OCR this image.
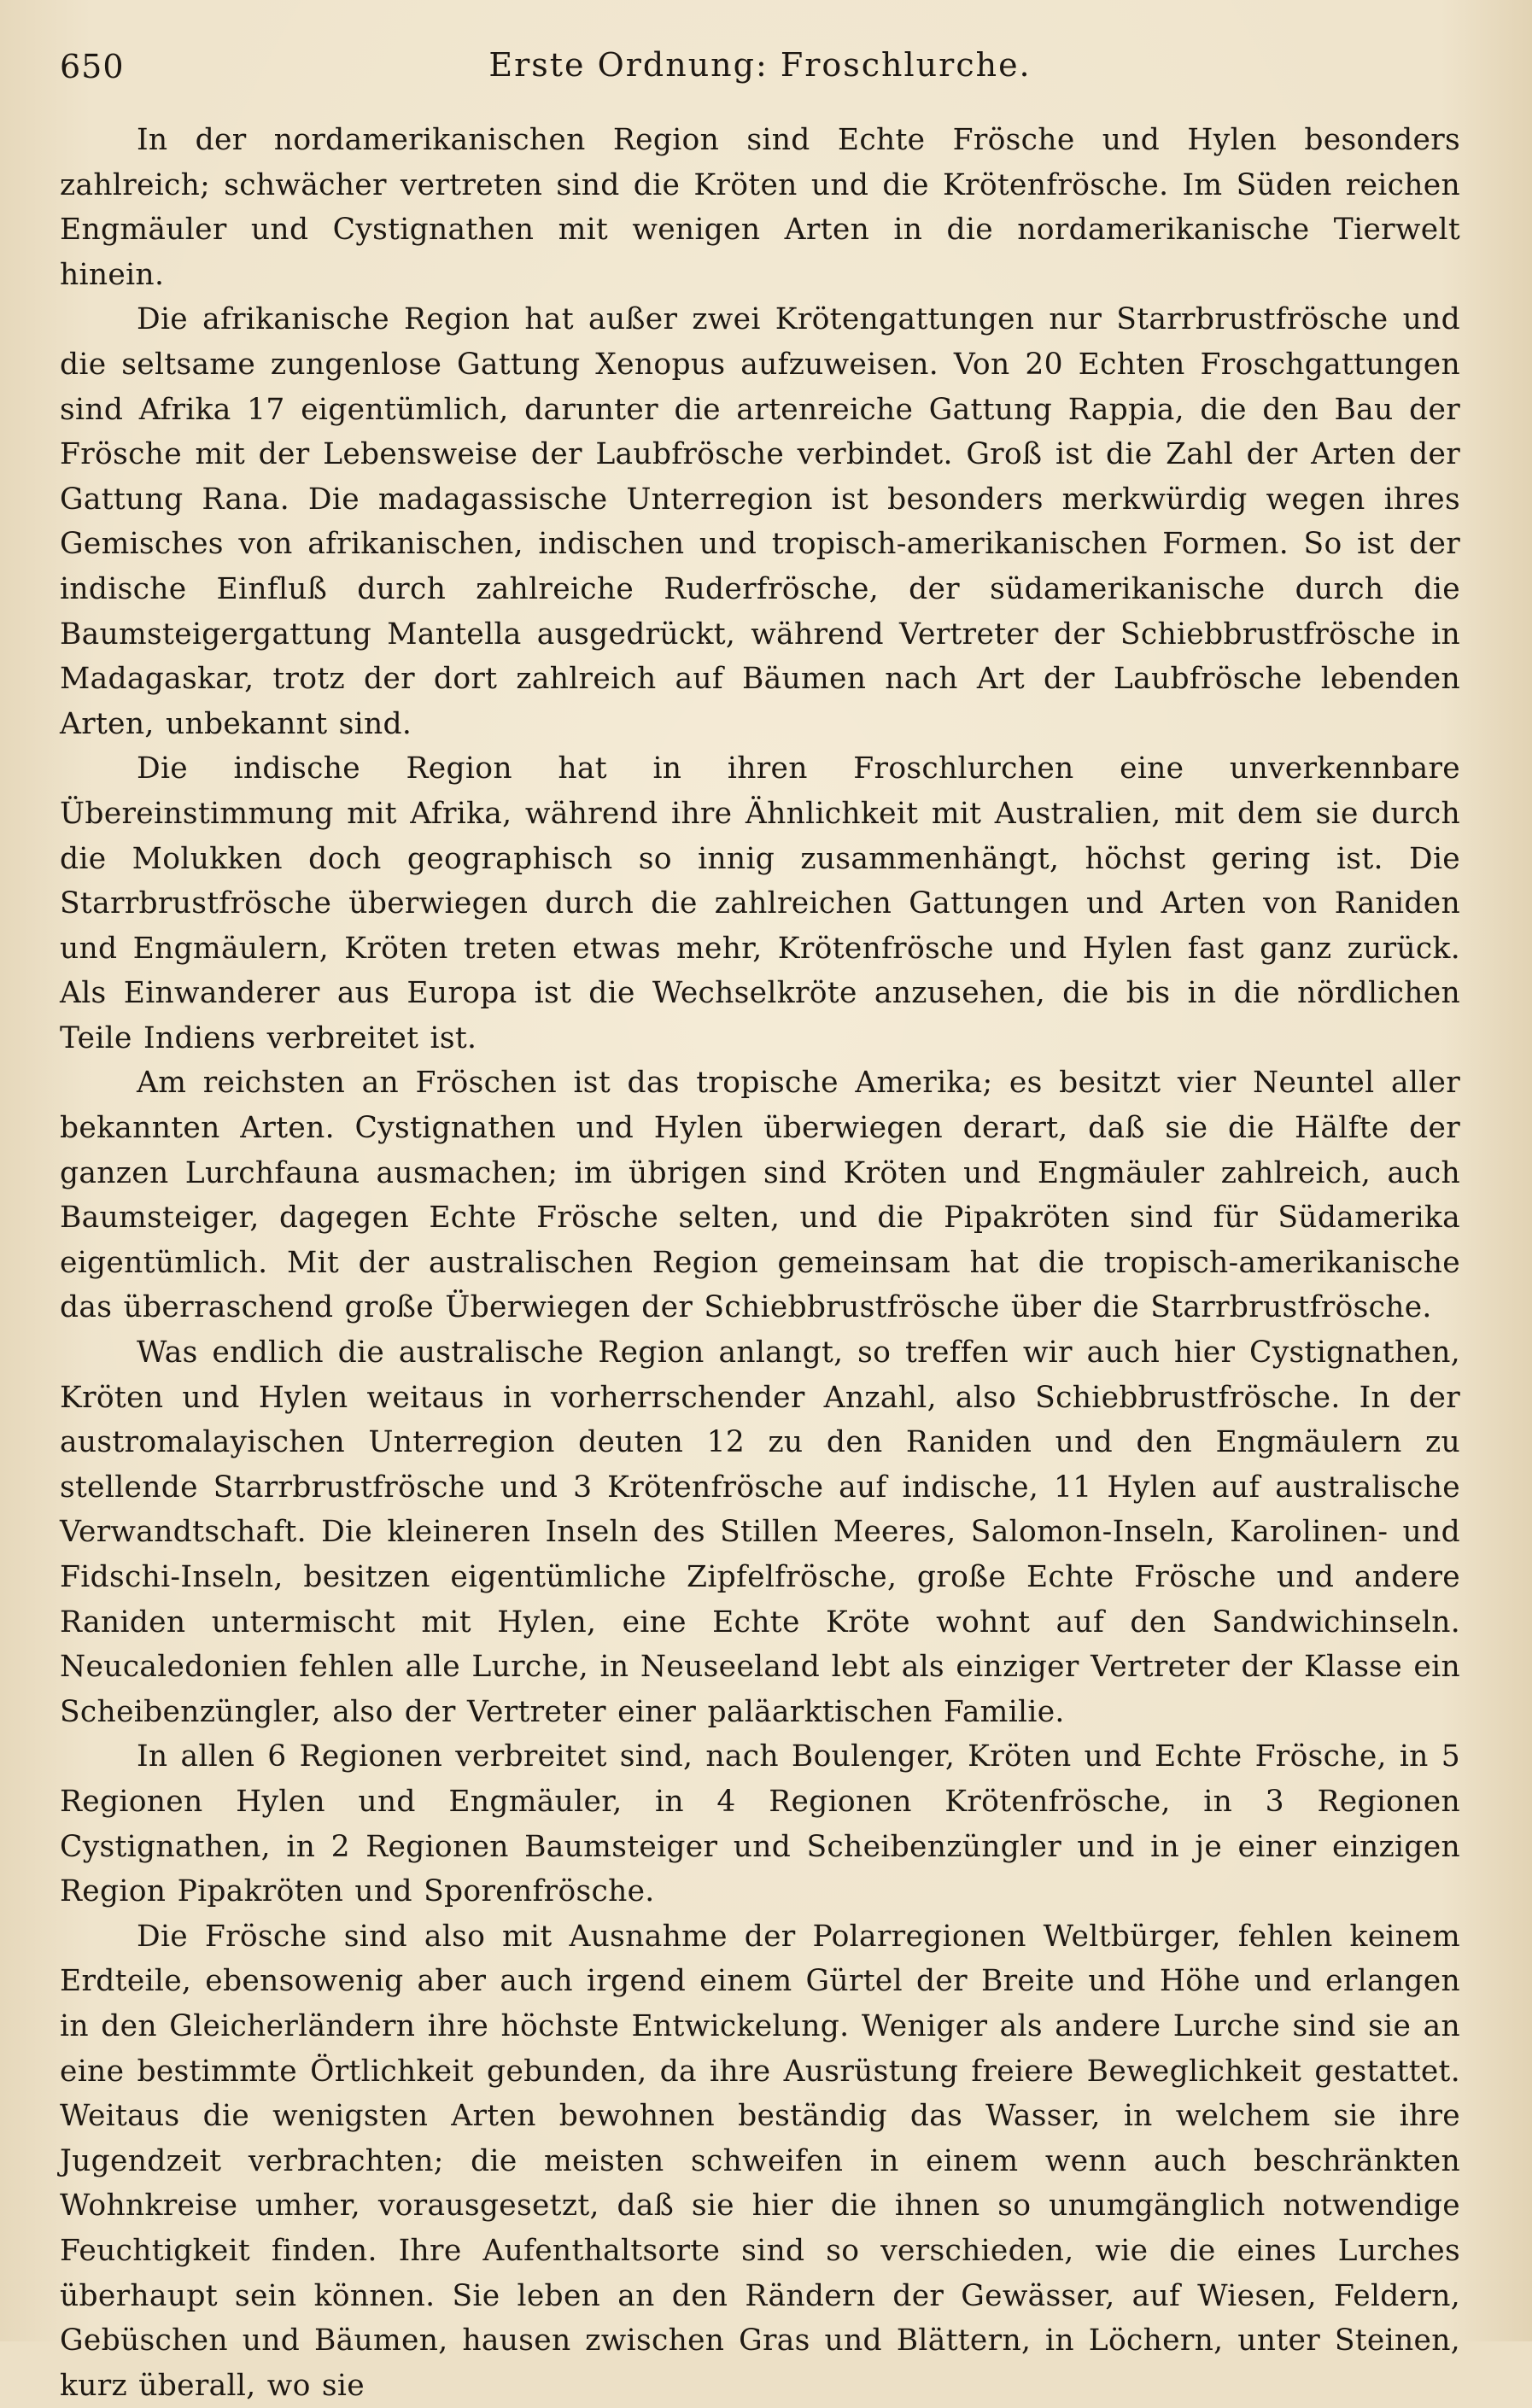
650	Erste Ordnung: Froschlurche.

In der nordamerikanischen Region sind Echte Frösche und Hylen besonders zahlreich; schwächer vertreten sind die Kröten und die Krötenfrösche. Im Süden reichen Engmäuler und Cystignathen mit wenigen Arten in die nordamerikanische Tierwelt hinein.

Die afrikanische Region hat außer zwei Krötengattungen nur Starrbrustfrösche und die seltsame zungenlose Gattung Xenopus aufzuweisen. Von 20 Echten Froschgattungen sind Afrika 17 eigentümlich, darunter die artenreiche Gattung Rappia, die den Bau der Frösche mit der Lebensweise der Laubfrösche verbindet. Groß ist die Zahl der Arten der Gattung Rana. Die madagassische Unterregion ist besonders merkwürdig wegen ihres Gemisches von afrikanischen, indischen und tropisch-amerikanischen Formen. So ist der indische Einfluß durch zahlreiche Ruderfrösche, der südamerikanische durch die Baumsteigergattung Mantella ausgedrückt, während Vertreter der Schiebbrustfrösche in Madagaskar, trotz der dort zahlreich auf Bäumen nach Art der Laubfrösche lebenden Arten, unbekannt sind.

Die indische Region hat in ihren Froschlurchen eine unverkennbare Übereinstimmung mit Afrika, während ihre Ähnlichkeit mit Australien, mit dem sie durch die Molukken doch geographisch so innig zusammenhängt, höchst gering ist. Die Starrbrustfrösche überwiegen durch die zahlreichen Gattungen und Arten von Raniden und Engmäulern, Kröten treten etwas mehr, Krötenfrösche und Hylen fast ganz zurück. Als Einwanderer aus Europa ist die Wechselkröte anzusehen, die bis in die nördlichen Teile Indiens verbreitet ist.

Am reichsten an Fröschen ist das tropische Amerika; es besitzt vier Neuntel aller bekannten Arten. Cystignathen und Hylen überwiegen derart, daß sie die Hälfte der ganzen Lurchfauna ausmachen; im übrigen sind Kröten und Engmäuler zahlreich, auch Baumsteiger, dagegen Echte Frösche selten, und die Pipakröten sind für Südamerika eigentümlich. Mit der australischen Region gemeinsam hat die tropisch-amerikanische das überraschend große Überwiegen der Schiebbrustfrösche über die Starrbrustfrösche.

Was endlich die australische Region anlangt, so treffen wir auch hier Cystignathen, Kröten und Hylen weitaus in vorherrschender Anzahl, also Schiebbrustfrösche. In der austromalayischen Unterregion deuten 12 zu den Raniden und den Engmäulern zu stellende Starrbrustfrösche und 3 Krötenfrösche auf indische, 11 Hylen auf australische Verwandtschaft. Die kleineren Inseln des Stillen Meeres, Salomon-Inseln, Karolinen- und Fidschi-Inseln, besitzen eigentümliche Zipfelfrösche, große Echte Frösche und andere Raniden untermischt mit Hylen, eine Echte Kröte wohnt auf den Sandwichinseln. Neucaledonien fehlen alle Lurche, in Neuseeland lebt als einziger Vertreter der Klasse ein Scheibenzüngler, also der Vertreter einer paläarktischen Familie.

In allen 6 Regionen verbreitet sind, nach Boulenger, Kröten und Echte Frösche, in 5 Regionen Hylen und Engmäuler, in 4 Regionen Krötenfrösche, in 3 Regionen Cystignathen, in 2 Regionen Baumsteiger und Scheibenzüngler und in je einer einzigen Region Pipakröten und Sporenfrösche.

Die Frösche sind also mit Ausnahme der Polarregionen Weltbürger, fehlen keinem Erdteile, ebensowenig aber auch irgend einem Gürtel der Breite und Höhe und erlangen in den Gleicherländern ihre höchste Entwickelung. Weniger als andere Lurche sind sie an eine bestimmte Örtlichkeit gebunden, da ihre Ausrüstung freiere Beweglichkeit gestattet. Weitaus die wenigsten Arten bewohnen beständig das Wasser, in welchem sie ihre Jugendzeit verbrachten; die meisten schweifen in einem wenn auch beschränkten Wohnkreise umher, vorausgesetzt, daß sie hier die ihnen so unumgänglich notwendige Feuchtigkeit finden. Ihre Aufenthaltsorte sind so verschieden, wie die eines Lurches überhaupt sein können. Sie leben an den Rändern der Gewässer, auf Wiesen, Feldern, Gebüschen und Bäumen, hausen zwischen Gras und Blättern, in Löchern, unter Steinen, kurz überall, wo sie
